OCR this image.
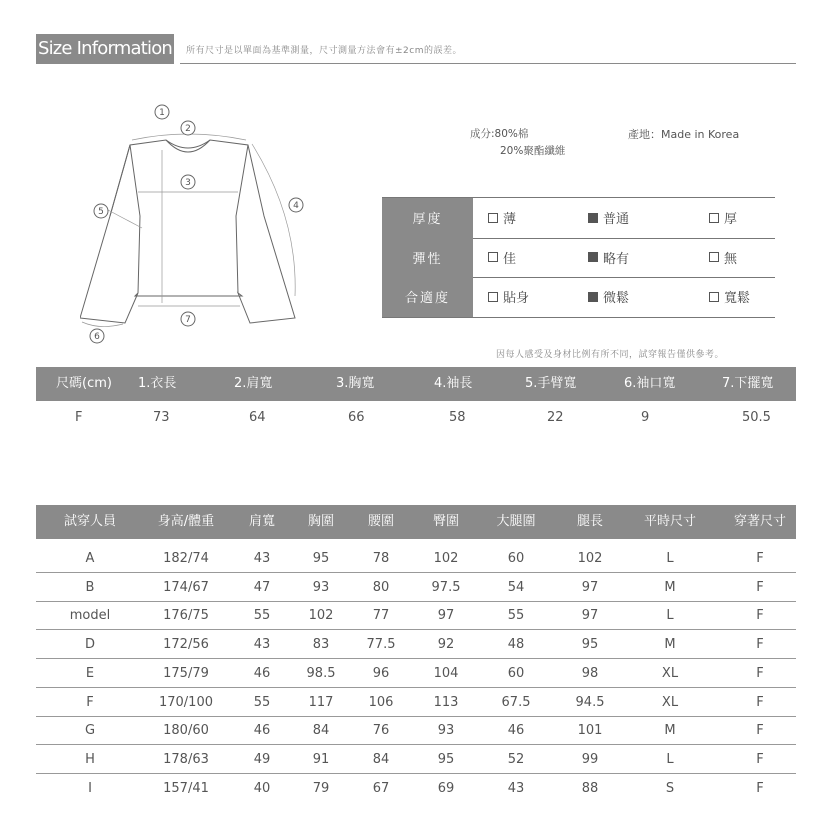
Size Information 所有尺寸是以單面為基準測量，尺寸測量方法會有±2cm的誤差。
1
2
3
4
5
6
7
成分:80%棉
20%聚酯纖維
產地：Made in Korea
厚度	薄	普通	厚
彈性	佳	略有	無
合適度	貼身	微鬆	寬鬆
因每人感受及身材比例有所不同，試穿報告僅供參考。
尺碼(cm) 1.衣長	2.肩寬	3.胸寬	4.袖長	5.手臂寬	6.袖口寬	7.下擺寬
F	73	64	66	58	22	9	50.5
試穿人員	身高/體重	肩寬	胸圍	腰圍	臀圍	大腿圍	腿長	平時尺寸	穿著尺寸
A	182/74	43	95	78	102	60	102	L	F
B	174/67	47	93	80	97.5	54	97	M	F
model	176/75	55	102	77	97	55	97	L	F
D	172/56	43	83	77.5	92	48	95	M	F
E	175/79	46	98.5	96	104	60	98	XL	F
F	170/100	55	117	106	113	67.5	94.5	XL	F
G	180/60	46	84	76	93	46	101	M	F
H	178/63	49	91	84	95	52	99	L	F
I	157/41	40	79	67	69	43	88	S	F
